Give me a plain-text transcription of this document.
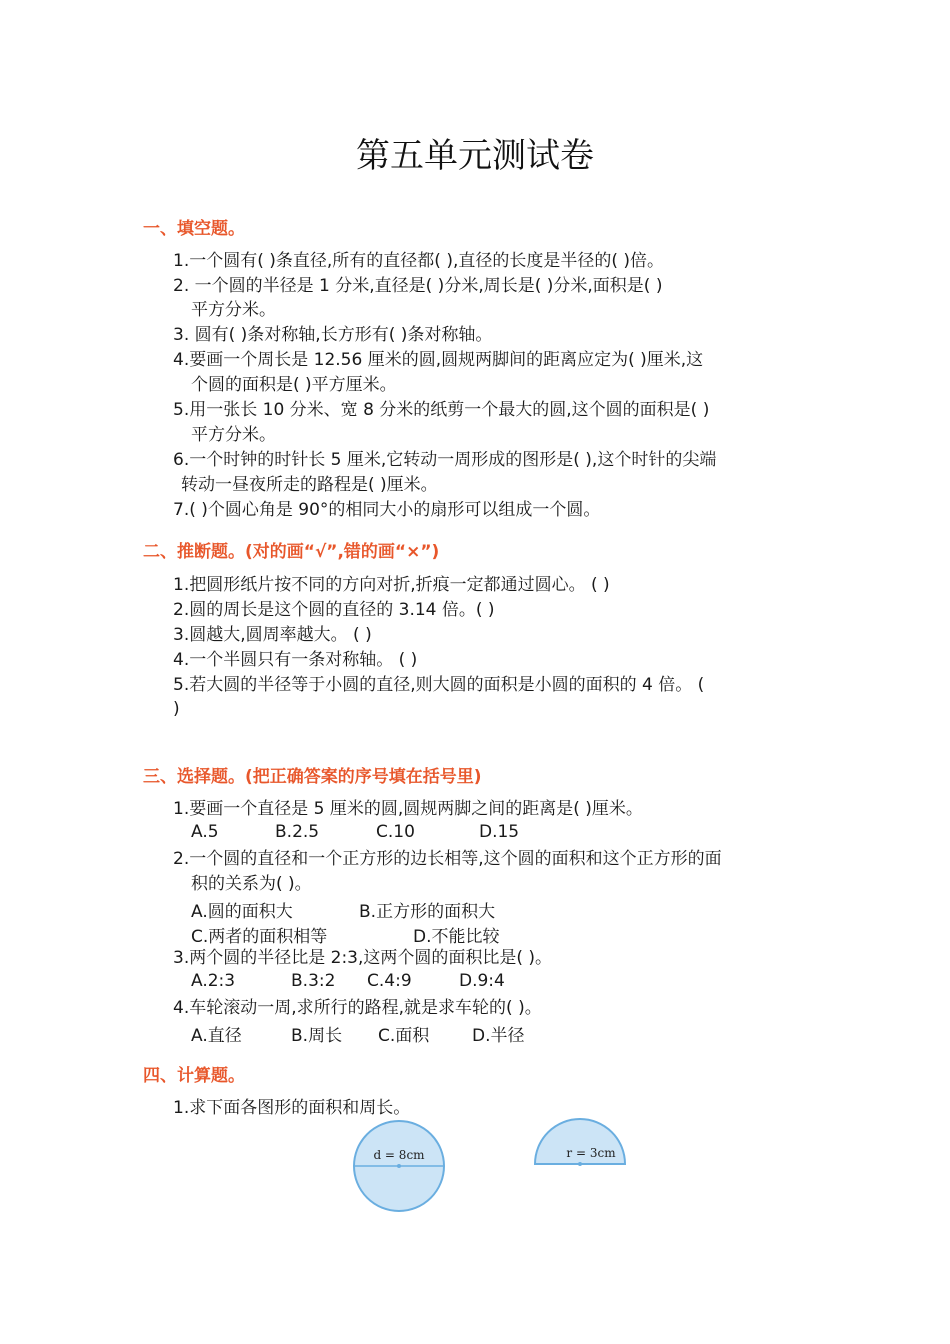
第五单元测试卷
一、填空题。
1.一个圆有( )条直径,所有的直径都( ),直径的长度是半径的( )倍。
2. 一个圆的半径是 1 分米,直径是( )分米,周长是( )分米,面积是( )
平方分米。
3. 圆有( )条对称轴,长方形有( )条对称轴。
4.要画一个周长是 12.56 厘米的圆,圆规两脚间的距离应定为( )厘米,这
个圆的面积是( )平方厘米。
5.用一张长 10 分米、宽 8 分米的纸剪一个最大的圆,这个圆的面积是( )
平方分米。
6.一个时钟的时针长 5 厘米,它转动一周形成的图形是( ),这个时针的尖端
转动一昼夜所走的路程是( )厘米。
7.( )个圆心角是 90°的相同大小的扇形可以组成一个圆。
二、推断题。(对的画“√”,错的画“×”)
1.把圆形纸片按不同的方向对折,折痕一定都通过圆心。 ( )
2.圆的周长是这个圆的直径的 3.14 倍。( )
3.圆越大,圆周率越大。 ( )
4.一个半圆只有一条对称轴。 ( )
5.若大圆的半径等于小圆的直径,则大圆的面积是小圆的面积的 4 倍。 (
)
三、选择题。(把正确答案的序号填在括号里)
1.要画一个直径是 5 厘米的圆,圆规两脚之间的距离是( )厘米。
A.5	B.2.5	C.10	D.15
2.一个圆的直径和一个正方形的边长相等,这个圆的面积和这个正方形的面
积的关系为( )。
A.圆的面积大	B.正方形的面积大
C.两者的面积相等	D.不能比较
3.两个圆的半径比是 2:3,这两个圆的面积比是( )。
A.2:3	B.3:2 C.4:9	D.9:4
4.车轮滚动一周,求所行的路程,就是求车轮的( )。
A.直径	B.周长 C.面积	D.半径
四、计算题。
1.求下面各图形的面积和周长。
d = 8cm	r = 3cm
